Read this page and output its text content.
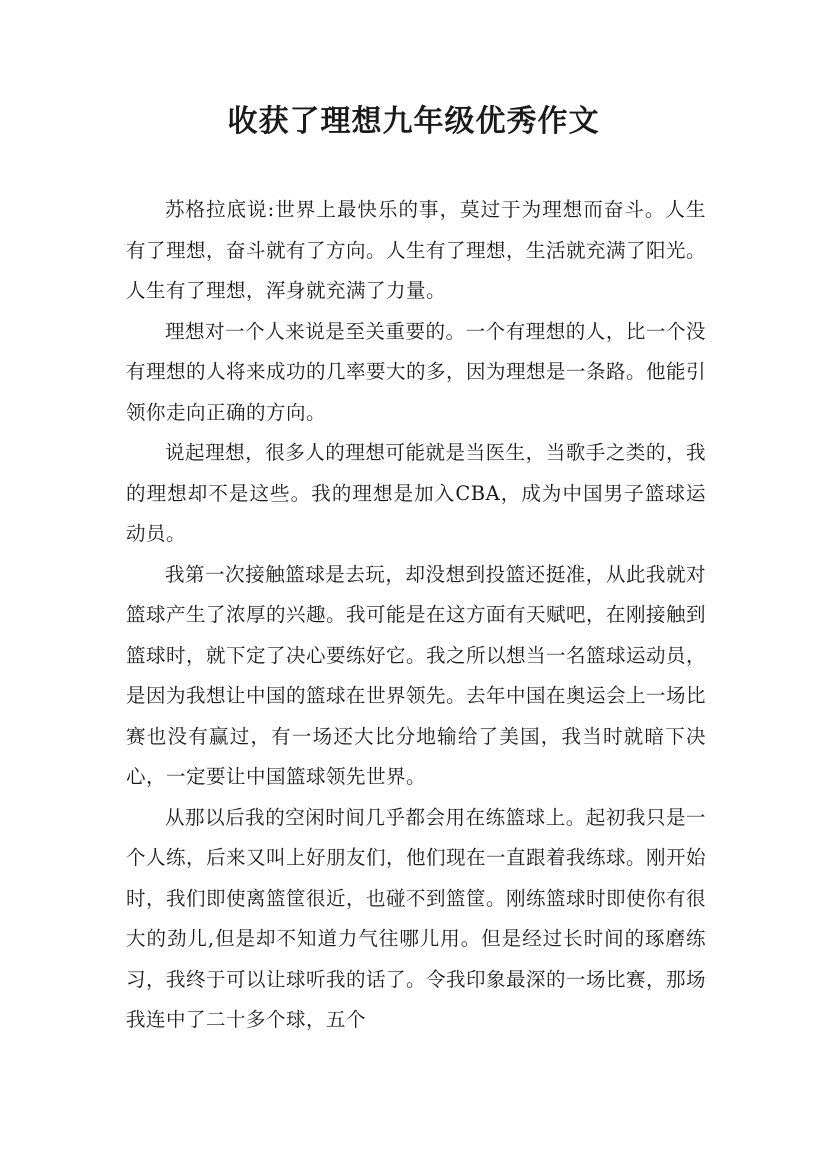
收获了理想九年级优秀作文

苏格拉底说:世界上最快乐的事，莫过于为理想而奋斗。人生有了理想，奋斗就有了方向。人生有了理想，生活就充满了阳光。人生有了理想，浑身就充满了力量。

理想对一个人来说是至关重要的。一个有理想的人，比一个没有理想的人将来成功的几率要大的多，因为理想是一条路。他能引领你走向正确的方向。

说起理想，很多人的理想可能就是当医生，当歌手之类的，我的理想却不是这些。我的理想是加入CBA，成为中国男子篮球运动员。

我第一次接触篮球是去玩，却没想到投篮还挺准，从此我就对篮球产生了浓厚的兴趣。我可能是在这方面有天赋吧，在刚接触到篮球时，就下定了决心要练好它。我之所以想当一名篮球运动员，是因为我想让中国的篮球在世界领先。去年中国在奥运会上一场比赛也没有赢过，有一场还大比分地输给了美国，我当时就暗下决心，一定要让中国篮球领先世界。

从那以后我的空闲时间几乎都会用在练篮球上。起初我只是一个人练，后来又叫上好朋友们，他们现在一直跟着我练球。刚开始时，我们即使离篮筐很近，也碰不到篮筐。刚练篮球时即使你有很大的劲儿,但是却不知道力气往哪儿用。但是经过长时间的琢磨练习，我终于可以让球听我的话了。令我印象最深的一场比赛，那场我连中了二十多个球，五个
